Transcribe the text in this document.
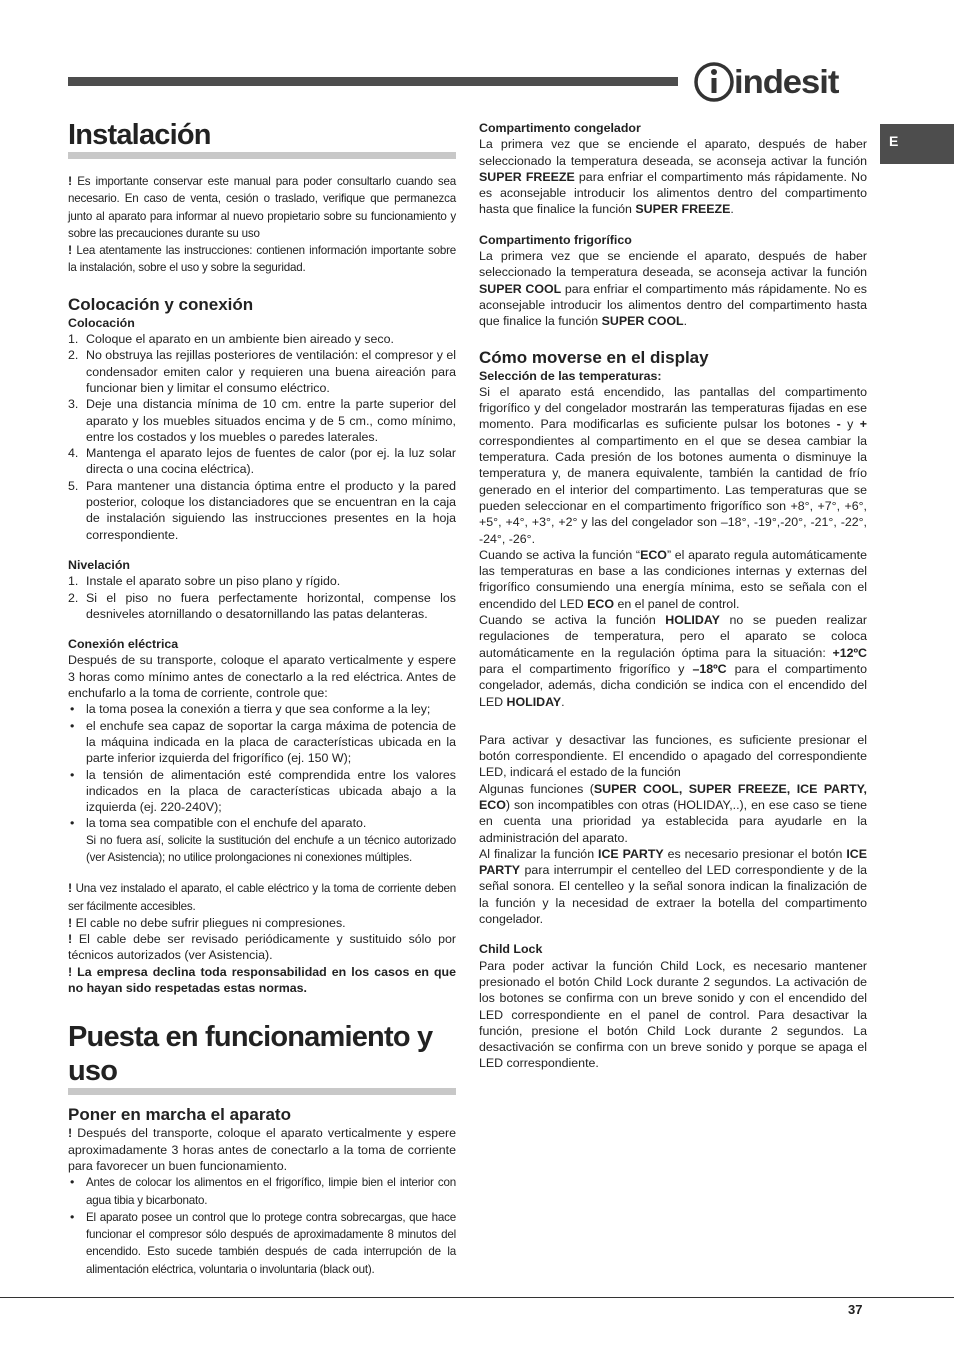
indesit
E
Instalación

! Es importante conservar este manual para poder consultarlo cuando sea necesario. En caso de venta, cesión o traslado, verifique que permanezca junto al aparato para informar al nuevo propietario sobre su funcionamiento y sobre las precauciones durante su uso

! Lea atentamente las instrucciones: contienen información importante sobre la instalación, sobre el uso y sobre la seguridad.

Colocación y conexión
Colocación
1. Coloque el aparato en un ambiente bien aireado y seco.
2. No obstruya las rejillas posteriores de ventilación: el compresor y el condensador emiten calor y requieren una buena aireación para funcionar bien y limitar el consumo eléctrico.
3. Deje una distancia mínima de 10 cm. entre la parte superior del aparato y los muebles situados encima y de 5 cm., como mínimo, entre los costados y los muebles o paredes laterales.
4. Mantenga el aparato lejos de fuentes de calor (por ej. la luz solar directa o una cocina eléctrica).
5. Para mantener una distancia óptima entre el producto y la pared posterior, coloque los distanciadores que se encuentran en la caja de instalación siguiendo las instrucciones presentes en la hoja correspondiente.
Nivelación
1. Instale el aparato sobre un piso plano y rígido.
2. Si el piso no fuera perfectamente horizontal, compense los desniveles atornillando o desatornillando las patas delanteras.
Conexión eléctrica

Después de su transporte, coloque el aparato verticalmente y espere 3 horas como mínimo antes de conectarlo a la red eléctrica. Antes de enchufarlo a la toma de corriente, controle que:

• la toma posea la conexión a tierra y que sea conforme a la ley;
• el enchufe sea capaz de soportar la carga máxima de potencia de la máquina indicada en la placa de características ubicada en la parte inferior izquierda del frigorífico (ej. 150 W);
• la tensión de alimentación esté comprendida entre los valores indicados en la placa de características ubicada abajo a la izquierda (ej. 220-240V);
• la toma sea compatible con el enchufe del aparato.
Si no fuera así, solicite la sustitución del enchufe a un técnico autorizado (ver Asistencia); no utilice prolongaciones ni conexiones múltiples.

! Una vez instalado el aparato, el cable eléctrico y la toma de corriente deben ser fácilmente accesibles.

! El cable no debe sufrir pliegues ni compresiones.

! El cable debe ser revisado periódicamente y sustituido sólo por técnicos autorizados (ver Asistencia).

! La empresa declina toda responsabilidad en los casos en que no hayan sido respetadas estas normas.

Puesta en funcionamiento y uso
Poner en marcha el aparato

! Después del transporte, coloque el aparato verticalmente y espere aproximadamente 3 horas antes de conectarlo a la toma de corriente para favorecer un buen funcionamiento.

• Antes de colocar los alimentos en el frigorífico, limpie bien el interior con agua tibia y bicarbonato.
• El aparato posee un control que lo protege contra sobrecargas, que hace funcionar el compresor sólo después de aproximadamente 8 minutos del encendido. Esto sucede también después de cada interrupción de la alimentación eléctrica, voluntaria o involuntaria (black out).
Compartimento congelador

La primera vez que se enciende el aparato, después de haber seleccionado la temperatura deseada, se aconseja activar la función SUPER FREEZE para enfriar el compartimento más rápidamente. No es aconsejable introducir los alimentos dentro del compartimento hasta que finalice la función SUPER FREEZE.

Compartimento frigorífico

La primera vez que se enciende el aparato, después de haber seleccionado la temperatura deseada, se aconseja activar la función SUPER COOL para enfriar el compartimento más rápidamente. No es aconsejable introducir los alimentos dentro del compartimento hasta que finalice la función SUPER COOL.

Cómo moverse en el display
Selección de las temperaturas:

Si el aparato está encendido, las pantallas del compartimento frigorífico y del congelador mostrarán las temperaturas fijadas en ese momento. Para modificarlas es suficiente pulsar los botones - y + correspondientes al compartimento en el que se desea cambiar la temperatura. Cada presión de los botones aumenta o disminuye la temperatura y, de manera equivalente, también la cantidad de frío generado en el interior del compartimento. Las temperaturas que se pueden seleccionar en el compartimento frigorífico son +8°, +7°, +6°, +5°, +4°, +3°, +2° y las del congelador son –18°, -19°,-20°, -21°, -22°, -24°, -26°.

Cuando se activa la función “ECO” el aparato regula automáticamente las temperaturas en base a las condiciones internas y externas del frigorífico consumiendo una energía mínima, esto se señala con el encendido del LED ECO en el panel de control.

Cuando se activa la función HOLIDAY no se pueden realizar regulaciones de temperatura, pero el aparato se coloca automáticamente en la regulación óptima para la situación: +12ºC para el compartimento frigorífico y –18ºC para el compartimento congelador, además, dicha condición se indica con el encendido del LED HOLIDAY.

Para activar y desactivar las funciones, es suficiente presionar el botón correspondiente. El encendido o apagado del correspondiente LED, indicará el estado de la función

Algunas funciones (SUPER COOL, SUPER FREEZE, ICE PARTY, ECO) son incompatibles con otras (HOLIDAY,..), en ese caso se tiene en cuenta una prioridad ya establecida para ayudarle en la administración del aparato.

Al finalizar la función ICE PARTY es necesario presionar el botón ICE PARTY para interrumpir el centelleo del LED correspondiente y de la señal sonora. El centelleo y la señal sonora indican la finalización de la función y la necesidad de extraer la botella del compartimento congelador.

Child Lock

Para poder activar la función Child Lock, es necesario mantener presionado el botón Child Lock durante 2 segundos. La activación de los botones se confirma con un breve sonido y con el encendido del LED correspondiente en el panel de control. Para desactivar la función, presione el botón Child Lock durante 2 segundos. La desactivación se confirma con un breve sonido y porque se apaga el LED correspondiente.

37
